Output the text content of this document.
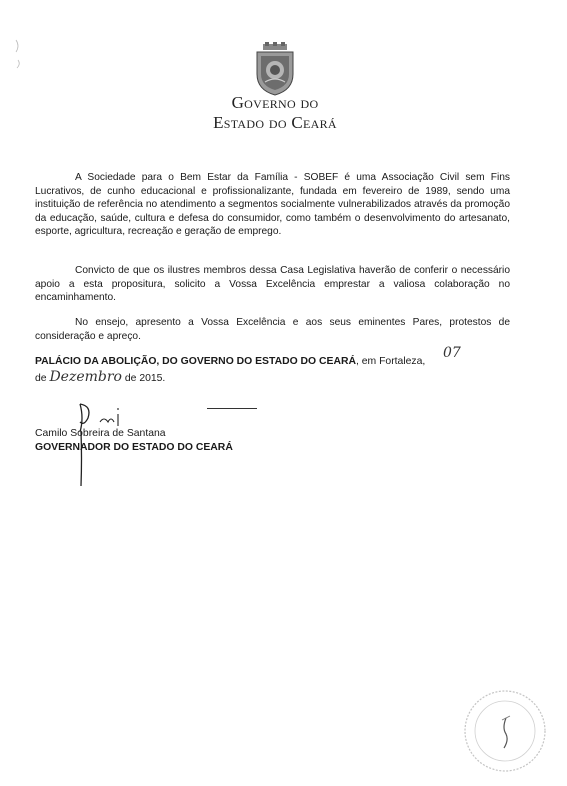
Governo do
Estado do Ceará

A Sociedade para o Bem Estar da Família - SOBEF é uma Associação Civil sem Fins Lucrativos, de cunho educacional e profissionalizante, fundada em fevereiro de 1989, sendo uma instituição de referência no atendimento a segmentos socialmente vulnerabilizados através da promoção da educação, saúde, cultura e defesa do consumidor, como também o desenvolvimento do artesanato, esporte, agricultura, recreação e geração de emprego.

Convicto de que os ilustres membros dessa Casa Legislativa haverão de conferir o necessário apoio a esta propositura, solicito a Vossa Excelência emprestar a valiosa colaboração no encaminhamento.

No ensejo, apresento a Vossa Excelência e aos seus eminentes Pares, protestos de consideração e apreço.

PALÁCIO DA ABOLIÇÃO, DO GOVERNO DO ESTADO DO CEARÁ, em Fortaleza,
07
de Dezembro de 2015.
Camilo Sobreira de Santana
GOVERNADOR DO ESTADO DO CEARÁ
